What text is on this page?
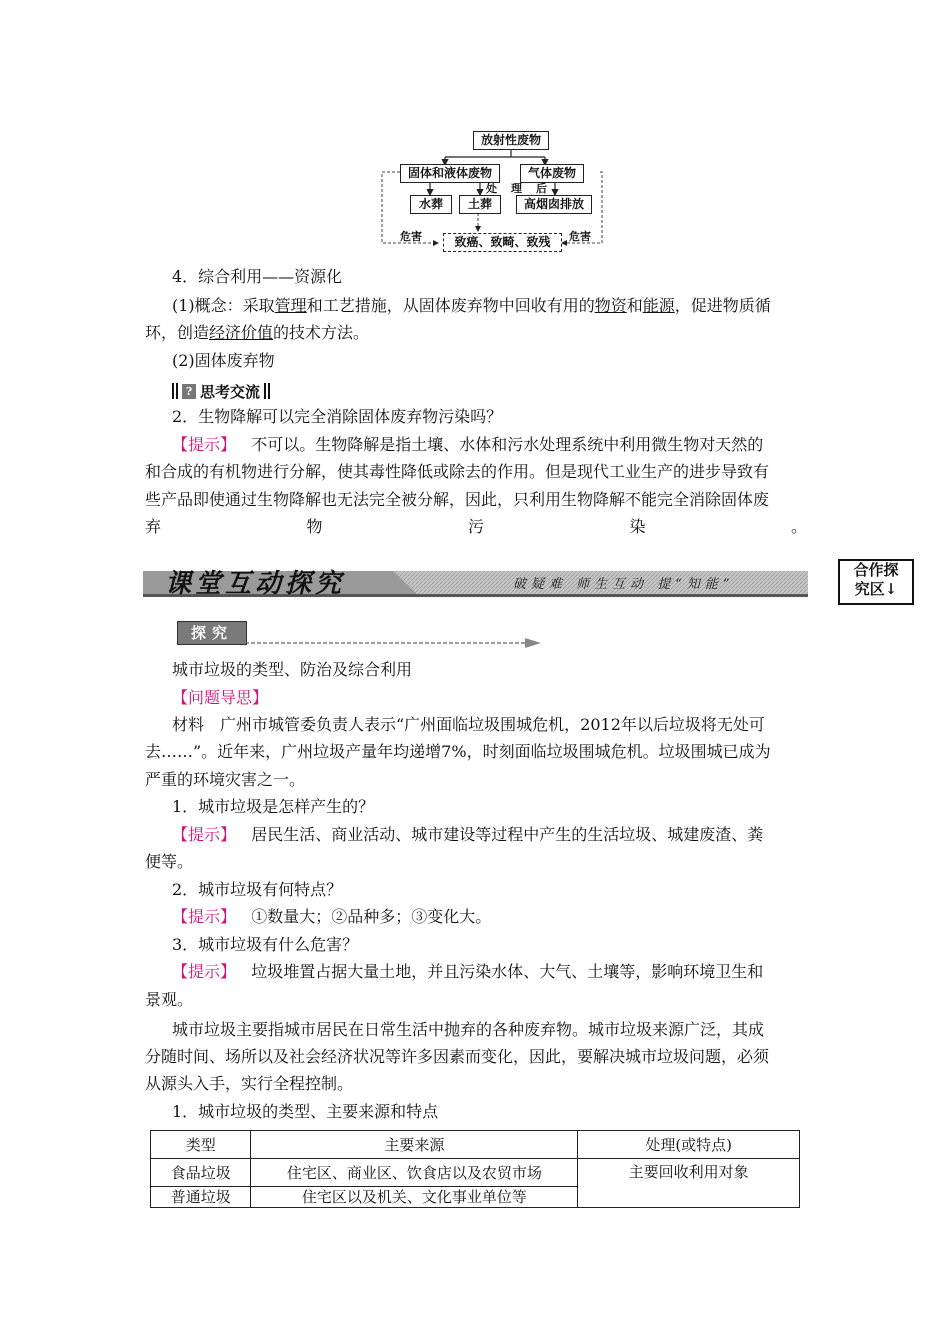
放射性废物
固体和液体废物	气体废物
处 理 后
水葬	土葬	高烟囱排放
危害	危害
致癌、致畸、致残
4．综合利用——资源化
(1)概念：采取管理和工艺措施，从固体废弃物中回收有用的物资和能源，促进物质循
环，创造经济价值的技术方法。
(2)固体废弃物
? 思考交流
2．生物降解可以完全消除固体废弃物污染吗？
【提示】 不可以。生物降解是指土壤、水体和污水处理系统中利用微生物对天然的
和合成的有机物进行分解，使其毒性降低或除去的作用。但是现代工业生产的进步导致有
些产品即使通过生物降解也无法完全被分解，因此，只利用生物降解不能完全消除固体废
弃	物	污	染	。
课堂互动探究	破疑难 师生互动 提“知能”
合作探
究区↓
探究
城市垃圾的类型、防治及综合利用
【问题导思】
材料　广州市城管委负责人表示“广州面临垃圾围城危机，2012年以后垃圾将无处可
去……”。近年来，广州垃圾产量年均递增7%，时刻面临垃圾围城危机。垃圾围城已成为
严重的环境灾害之一。
1．城市垃圾是怎样产生的？
【提示】 居民生活、商业活动、城市建设等过程中产生的生活垃圾、城建废渣、粪
便等。
2．城市垃圾有何特点？
【提示】 ①数量大；②品种多；③变化大。
3．城市垃圾有什么危害？
【提示】 垃圾堆置占据大量土地，并且污染水体、大气、土壤等，影响环境卫生和
景观。
城市垃圾主要指城市居民在日常生活中抛弃的各种废弃物。城市垃圾来源广泛，其成
分随时间、场所以及社会经济状况等许多因素而变化，因此，要解决城市垃圾问题，必须
从源头入手，实行全程控制。
1．城市垃圾的类型、主要来源和特点
类型	主要来源	处理(或特点)
食品垃圾	住宅区、商业区、饮食店以及农贸市场	主要回收利用对象
普通垃圾	住宅区以及机关、文化事业单位等	
